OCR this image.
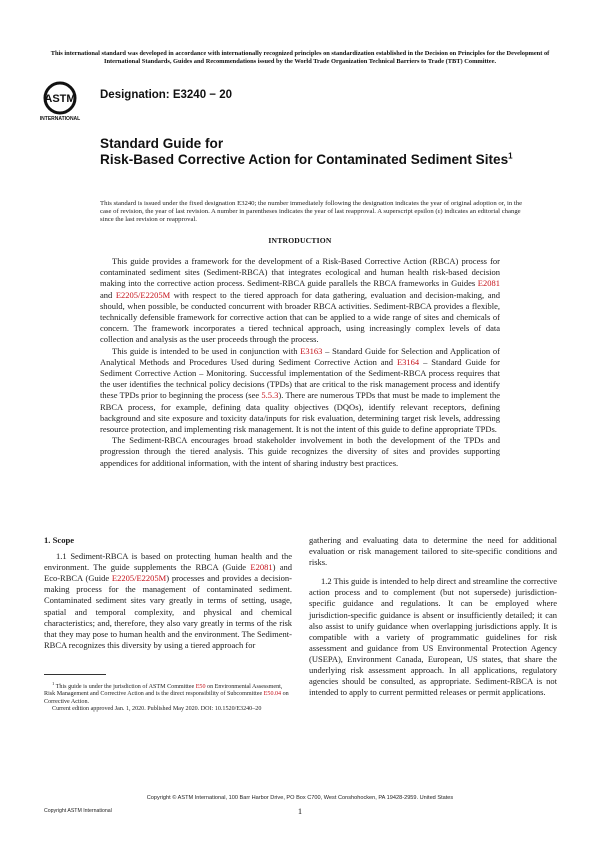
This international standard was developed in accordance with internationally recognized principles on standardization established in the Decision on Principles for the Development of International Standards, Guides and Recommendations issued by the World Trade Organization Technical Barriers to Trade (TBT) Committee.
ASTM
INTERNATIONAL
Designation: E3240 − 20
Standard Guide for
Risk-Based Corrective Action for Contaminated Sediment Sites$^1$
This standard is issued under the fixed designation E3240; the number immediately following the designation indicates the year of original adoption or, in the case of revision, the year of last revision. A number in parentheses indicates the year of last reapproval. A superscript epsilon (ε) indicates an editorial change since the last revision or reapproval.
INTRODUCTION

This guide provides a framework for the development of a Risk-Based Corrective Action (RBCA) process for contaminated sediment sites (Sediment-RBCA) that integrates ecological and human health risk-based decision making into the corrective action process. Sediment-RBCA guide parallels the RBCA frameworks in Guides E2081 and E2205/E2205M with respect to the tiered approach for data gathering, evaluation and decision-making, and should, when possible, be conducted concurrent with broader RBCA activities. Sediment-RBCA provides a flexible, technically defensible framework for corrective action that can be applied to a wide range of sites and chemicals of concern. The framework incorporates a tiered technical approach, using increasingly complex levels of data collection and analysis as the user proceeds through the process.

This guide is intended to be used in conjunction with E3163 – Standard Guide for Selection and Application of Analytical Methods and Procedures Used during Sediment Corrective Action and E3164 – Standard Guide for Sediment Corrective Action – Monitoring. Successful implementation of the Sediment-RBCA process requires that the user identifies the technical policy decisions (TPDs) that are critical to the risk management process and identify these TPDs prior to beginning the process (see 5.5.3). There are numerous TPDs that must be made to implement the RBCA process, for example, defining data quality objectives (DQOs), identify relevant receptors, defining background and site exposure and toxicity data/inputs for risk evaluation, determining target risk levels, addressing resource protection, and implementing risk management. It is not the intent of this guide to define appropriate TPDs.

The Sediment-RBCA encourages broad stakeholder involvement in both the development of the TPDs and progression through the tiered analysis. This guide recognizes the diversity of sites and provides supporting appendices for additional information, with the intent of sharing industry best practices.

1. Scope

1.1 Sediment-RBCA is based on protecting human health and the environment. The guide supplements the RBCA (Guide E2081) and Eco-RBCA (Guide E2205/E2205M) processes and provides a decision-making process for the management of contaminated sediment. Contaminated sediment sites vary greatly in terms of setting, usage, spatial and temporal complexity, and physical and chemical characteristics; and, therefore, they also vary greatly in terms of the risk that they may pose to human health and the environment. The Sediment-RBCA recognizes this diversity by using a tiered approach for

gathering and evaluating data to determine the need for additional evaluation or risk management tailored to site-specific conditions and risks.

1.2 This guide is intended to help direct and streamline the corrective action process and to complement (but not supersede) jurisdiction-specific guidance and regulations. It can be employed where jurisdiction-specific guidance is absent or insufficiently detailed; it can also assist to unify guidance when overlapping jurisdictions apply. It is compatible with a variety of programmatic guidelines for risk assessment and guidance from US Environmental Protection Agency (USEPA), Environment Canada, European, US states, that share the underlying risk assessment approach. In all applications, regulatory agencies should be consulted, as appropriate. Sediment-RBCA is not intended to apply to current permitted releases or permit applications.

$^1$ This guide is under the jurisdiction of ASTM Committee E50 on Environmental Assessment, Risk Management and Corrective Action and is the direct responsibility of Subcommittee E50.04 on Corrective Action.

Current edition approved Jan. 1, 2020. Published May 2020. DOI: 10.1520/E3240–20

Copyright © ASTM International, 100 Barr Harbor Drive, PO Box C700, West Conshohocken, PA 19428-2959. United States
Copyright ASTM International	1
